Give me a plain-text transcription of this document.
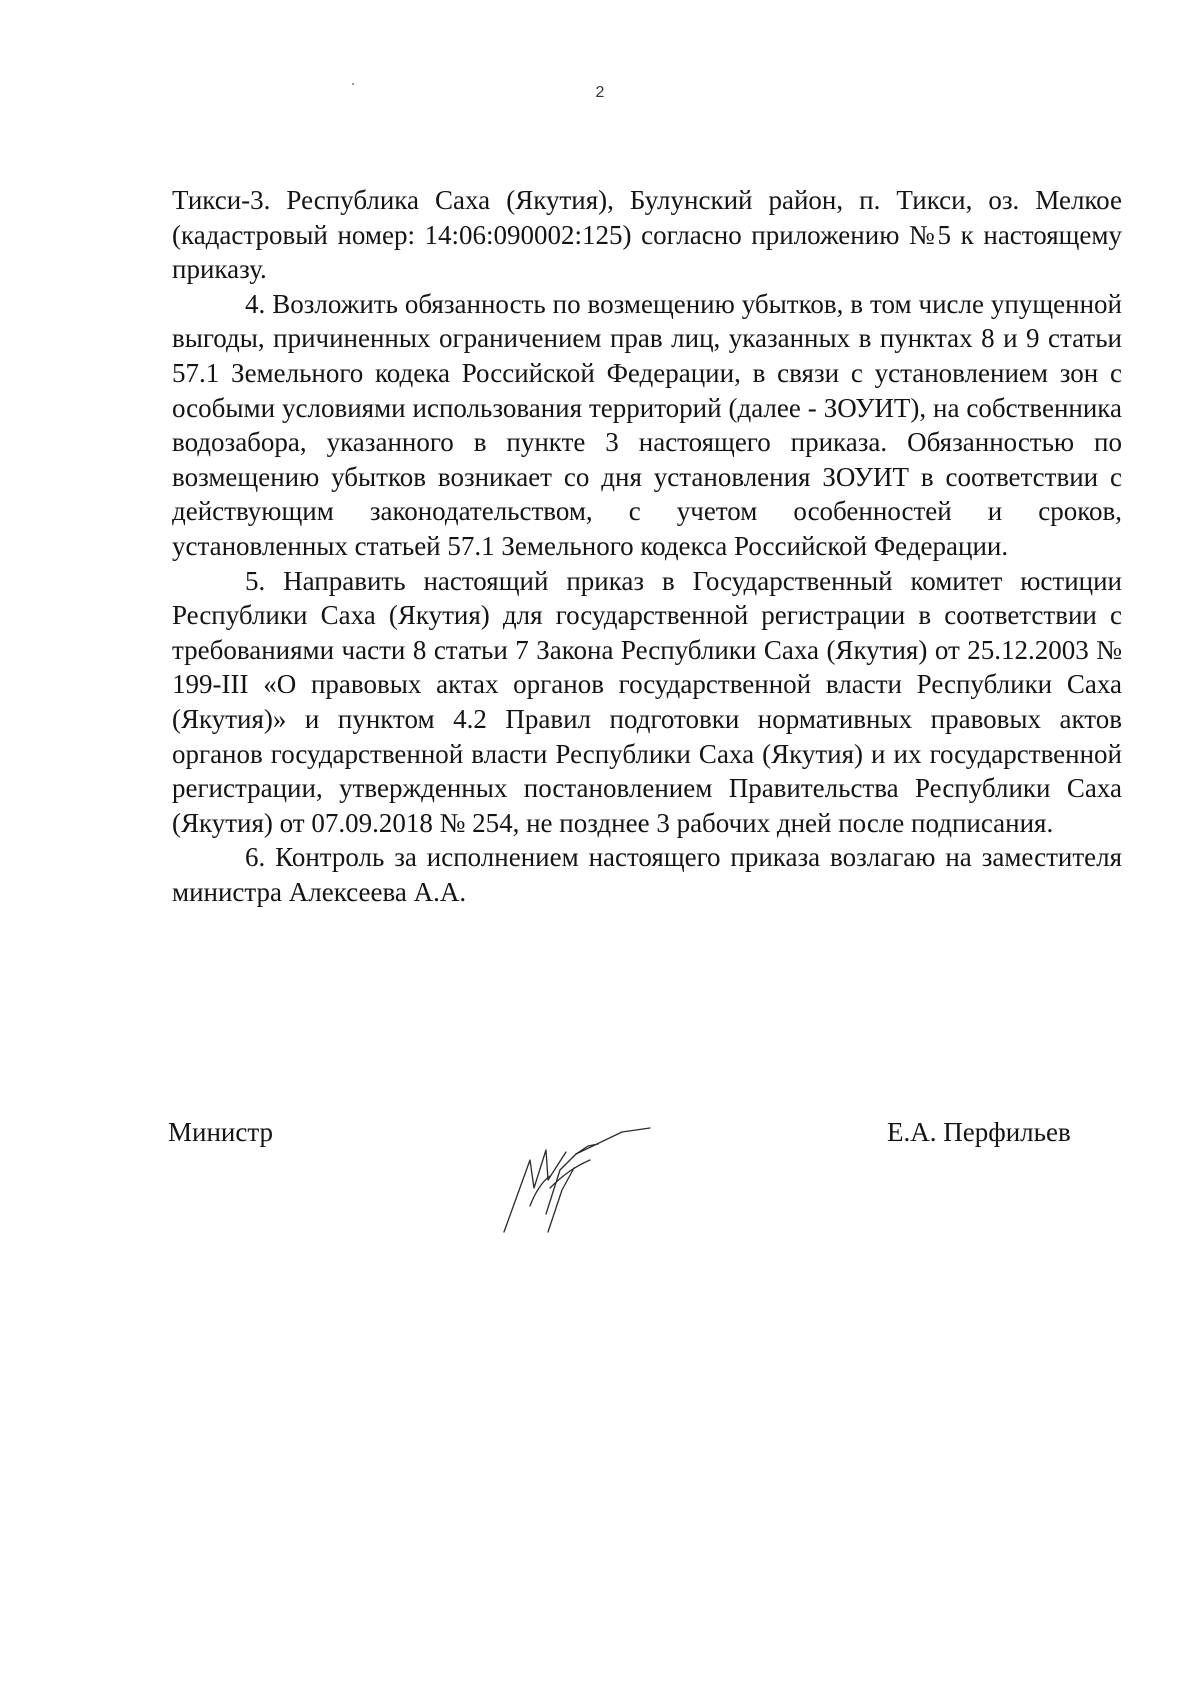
2

Тикси-3. Республика Саха (Якутия), Булунский район, п. Тикси, оз. Мелкое (кадастровый номер: 14:06:090002:125) согласно приложению №5 к настоящему приказу.

4. Возложить обязанность по возмещению убытков, в том числе упущенной выгоды, причиненных ограничением прав лиц, указанных в пунктах 8 и 9 статьи 57.1 Земельного кодека Российской Федерации, в связи с установлением зон с особыми условиями использования территорий (далее - ЗОУИТ), на собственника водозабора, указанного в пункте 3 настоящего приказа. Обязанностью по возмещению убытков возникает со дня установления ЗОУИТ в соответствии с действующим законодательством, с учетом особенностей и сроков, установленных статьей 57.1 Земельного кодекса Российской Федерации.

5. Направить настоящий приказ в Государственный комитет юстиции Республики Саха (Якутия) для государственной регистрации в соответствии с требованиями части 8 статьи 7 Закона Республики Саха (Якутия) от 25.12.2003 № 199-III «О правовых актах органов государственной власти Республики Саха (Якутия)» и пунктом 4.2 Правил подготовки нормативных правовых актов органов государственной власти Республики Саха (Якутия) и их государственной регистрации, утвержденных постановлением Правительства Республики Саха (Якутия) от 07.09.2018 № 254, не позднее 3 рабочих дней после подписания.

6. Контроль за исполнением настоящего приказа возлагаю на заместителя министра Алексеева А.А.

Министр	Е.А. Перфильев
